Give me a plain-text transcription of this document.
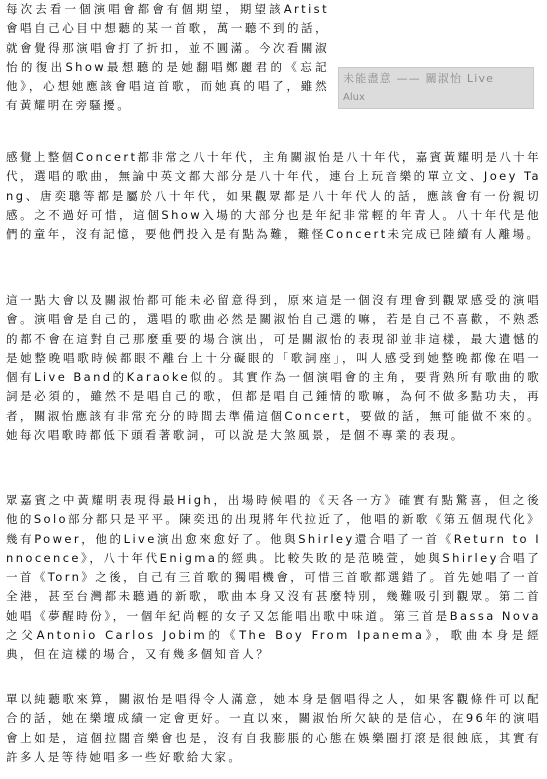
每次去看一個演唱會都會有個期望，期望該Artist會唱自己心目中想聽的某一首歌，萬一聽不到的話，就會覺得那演唱會打了折扣，並不圓滿。今次看關淑怡的復出Show最想聽的是她翻唱鄭麗君的《忘記他》，心想她應該會唱這首歌，而她真的唱了，雖然有黃耀明在旁騷擾。

未能盡意 —— 關淑怡 Live
Alux

感覺上整個Concert都非常之八十年代，主角關淑怡是八十年代，嘉賓黃耀明是八十年代，選唱的歌曲，無論中英文都大部分是八十年代，連台上玩音樂的單立文、Joey Tang、唐奕聰等都是屬於八十年代，如果觀眾都是八十年代人的話，應該會有一份親切感。之不過好可惜，這個Show入場的大部分也是年紀非常輕的年青人。八十年代是他們的童年，沒有記憶，要他們投入是有點為難，難怪Concert未完成已陸續有人離場。

這一點大會以及關淑怡都可能未必留意得到，原來這是一個沒有理會到觀眾感受的演唱會。演唱會是自己的，選唱的歌曲必然是關淑怡自己選的嘛，若是自己不喜歡，不熟悉的都不會在這對自己那麼重要的場合演出，可是關淑怡的表現卻並非這樣，最大遺憾的是她整晚唱歌時候都眼不離台上十分礙眼的「歌詞座」，叫人感受到她整晚都像在唱一個有Live Band的Karaoke似的。其實作為一個演唱會的主角，要背熟所有歌曲的歌詞是必須的，雖然不是唱自己的歌，但都是唱自己鍾情的歌嘛，為何不做多點功夫，再者，關淑怡應該有非常充分的時間去準備這個Concert，要做的話，無可能做不來的。她每次唱歌時都低下頭看著歌詞，可以說是大煞風景，是個不專業的表現。

眾嘉賓之中黃耀明表現得最High，出場時候唱的《天各一方》確實有點驚喜，但之後他的Solo部分都只是平平。陳奕迅的出現將年代拉近了，他唱的新歌《第五個現代化》幾有Power，他的Live演出愈來愈好了。他與Shirley還合唱了一首《Return to Innocence》，八十年代Enigma的經典。比較失敗的是范曉萱，她與Shirley合唱了一首《Torn》之後，自己有三首歌的獨唱機會，可惜三首歌都選錯了。首先她唱了一首全港，甚至台灣都未聽過的新歌，歌曲本身又沒有甚麼特別，幾難吸引到觀眾。第二首她唱《夢醒時份》，一個年紀尚輕的女子又怎能唱出歌中味道。第三首是Bassa Nova之父Antonio Carlos Jobim的《The Boy From Ipanema》，歌曲本身是經典，但在這樣的場合，又有幾多個知音人？

單以純聽歌來算，關淑怡是唱得令人滿意，她本身是個唱得之人，如果客觀條件可以配合的話，她在樂壇成績一定會更好。一直以來，關淑怡所欠缺的是信心，在96年的演唱會上如是，這個拉闊音樂會也是，沒有自我膨脹的心態在娛樂圈打滾是很蝕底，其實有許多人是等待她唱多一些好歌給大家。
